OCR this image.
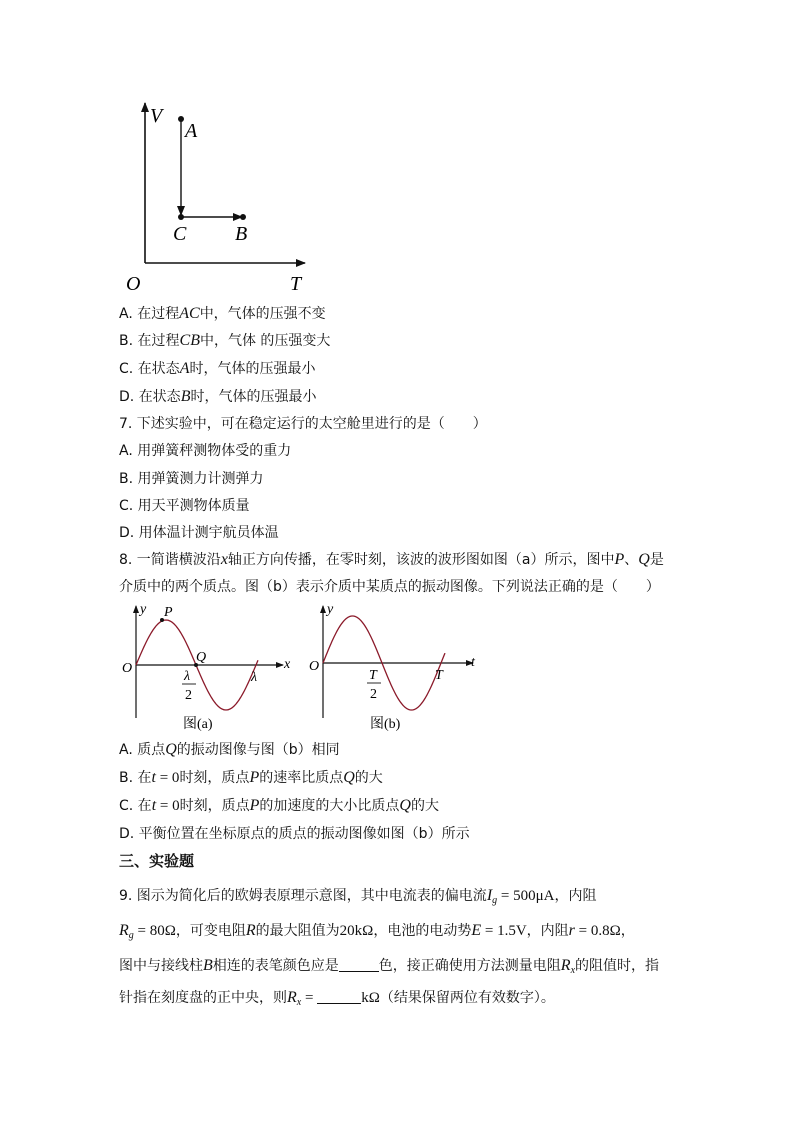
V
A
C B
O	T
A. 在过程AC中，气体的压强不变
B. 在过程CB中，气体 的压强变大
C. 在状态A时，气体的压强最小
D. 在状态B时，气体的压强最小
7. 下述实验中，可在稳定运行的太空舱里进行的是（　　）
A. 用弹簧秤测物体受的重力
B. 用弹簧测力计测弹力
C. 用天平测物体质量
D. 用体温计测宇航员体温
8. 一简谐横波沿x轴正方向传播，在零时刻，该波的波形图如图（a）所示，图中P、Q是
介质中的两个质点。图（b）表示介质中某质点的振动图像。下列说法正确的是（　　）
y P
Q
O	x
λ
2
λ
图(a)
y
O	t
T
2
T
图(b)
A. 质点Q的振动图像与图（b）相同
B. 在t = 0时刻，质点P的速率比质点Q的大
C. 在t = 0时刻，质点P的加速度的大小比质点Q的大
D. 平衡位置在坐标原点的质点的振动图像如图（b）所示
三、实验题
9. 图示为简化后的欧姆表原理示意图，其中电流表的偏电流$I_g = 500\mu A$，内阻
$R_g = 80\Omega$，可变电阻R的最大阻值为20kΩ，电池的电动势E = 1.5V，内阻r = 0.8Ω，
图中与接线柱B相连的表笔颜色应是	色，接正确使用方法测量电阻$R_x$的阻值时，指
针指在刻度盘的正中央，则$R_x$ =	kΩ（结果保留两位有效数字）。
